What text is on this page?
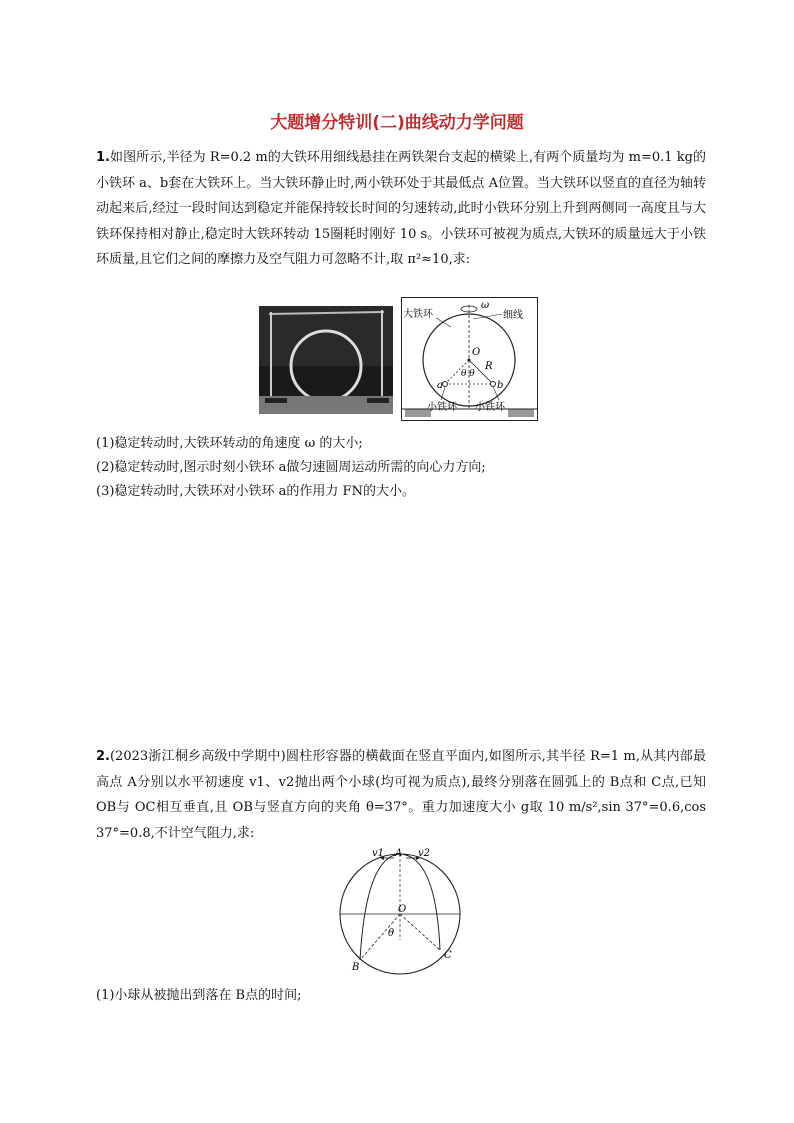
大题增分特训(二)曲线动力学问题
1.如图所示,半径为 R=0.2 m的大铁环用细线悬挂在两铁架台支起的横梁上,有两个质量均为 m=0.1 kg的小铁环 a、b套在大铁环上。当大铁环静止时,两小铁环处于其最低点 A位置。当大铁环以竖直的直径为轴转动起来后,经过一段时间达到稳定并能保持较长时间的匀速转动,此时小铁环分别上升到两侧同一高度且与大铁环保持相对静止,稳定时大铁环转动 15圈耗时刚好 10 s。小铁环可被视为质点,大铁环的质量远大于小铁环质量,且它们之间的摩擦力及空气阻力可忽略不计,取 π²≈10,求:
大铁环
ω
细线
O
R
θ θ
a	b
小铁环 小铁环
(1)稳定转动时,大铁环转动的角速度 ω 的大小;
(2)稳定转动时,图示时刻小铁环 a做匀速圆周运动所需的向心力方向;
(3)稳定转动时,大铁环对小铁环 a的作用力 FN的大小。
2.(2023浙江桐乡高级中学期中)圆柱形容器的横截面在竖直平面内,如图所示,其半径 R=1 m,从其内部最高点 A分别以水平初速度 v1、v2抛出两个小球(均可视为质点),最终分别落在圆弧上的 B点和 C点,已知 OB与 OC相互垂直,且 OB与竖直方向的夹角 θ=37°。重力加速度大小 g取 10 m/s²,sin 37°=0.6,cos 37°=0.8,不计空气阻力,求:
v1 A v2
O
θ
B
C
(1)小球从被抛出到落在 B点的时间;
